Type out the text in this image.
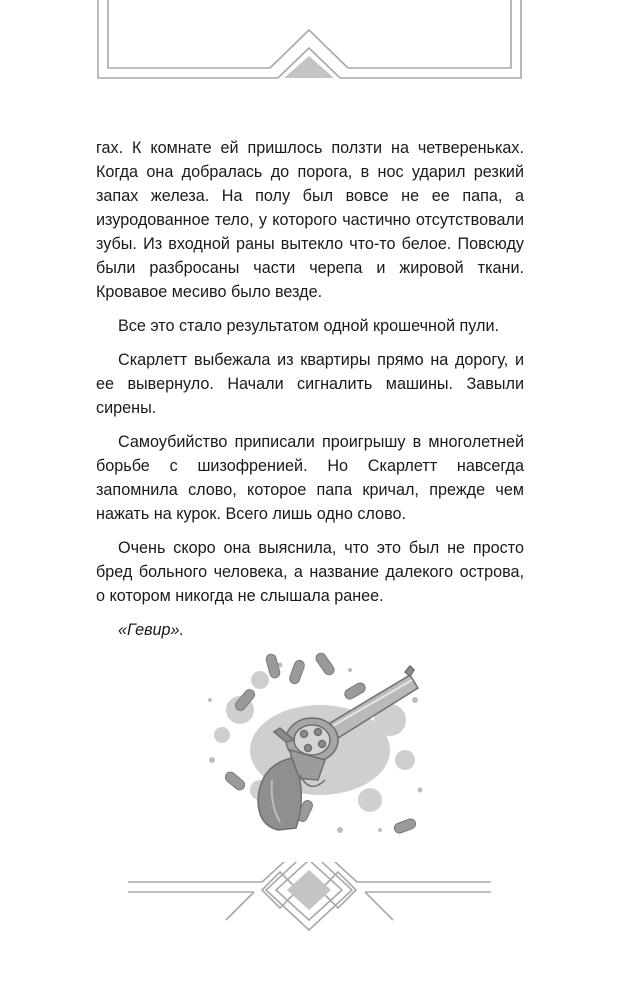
гах. К комнате ей пришлось ползти на четвереньках. Когда она добралась до порога, в нос ударил резкий запах железа. На полу был вовсе не ее папа, а изуродованное тело, у которого частично отсутствовали зубы. Из входной раны вытекло что-то белое. Повсюду были разбросаны части черепа и жировой ткани. Кровавое месиво было везде.

Все это стало результатом одной крошечной пули.

Скарлетт выбежала из квартиры прямо на дорогу, и ее вывернуло. Начали сигналить машины. Завыли сирены.

Самоубийство приписали проигрышу в многолетней борьбе с шизофренией. Но Скарлетт навсегда запомнила слово, которое папа кричал, прежде чем нажать на курок. Всего лишь одно слово.

Очень скоро она выяснила, что это был не просто бред больного человека, а название далекого острова, о котором никогда не слышала ранее.

«Гевир».
